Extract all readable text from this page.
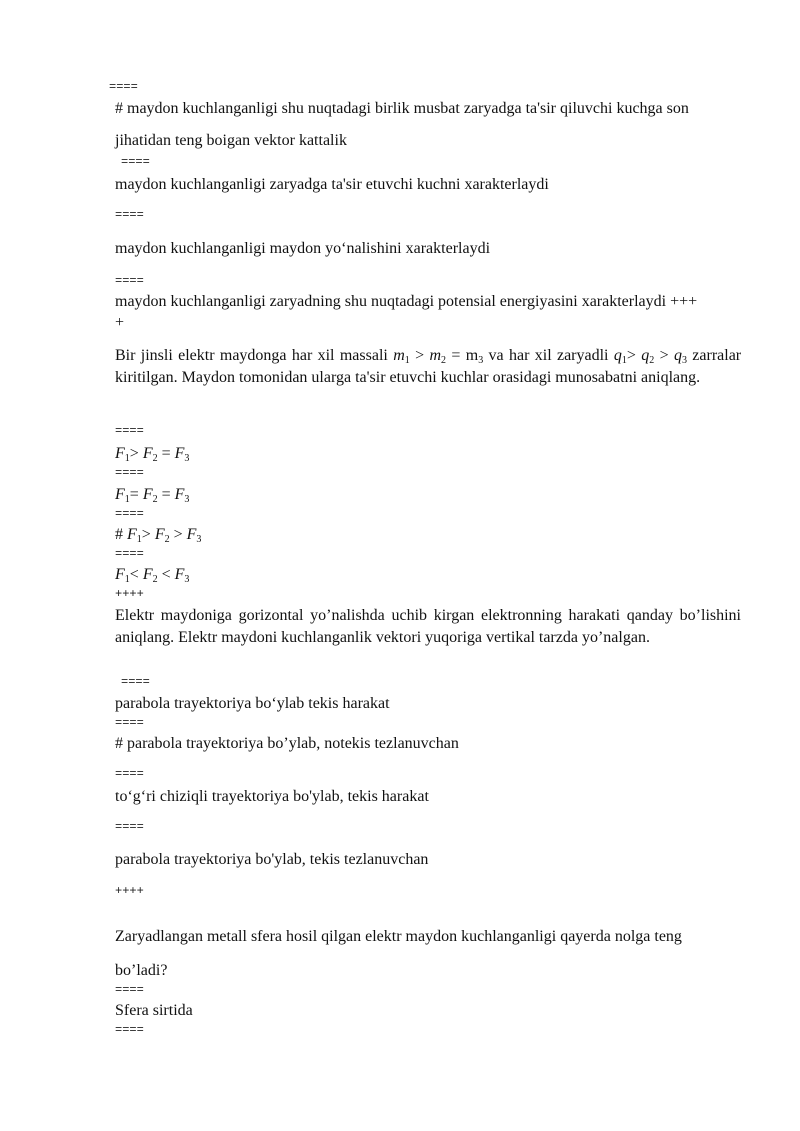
====
# maydon kuchlanganligi shu nuqtadagi birlik musbat zaryadga ta'sir qiluvchi kuchga son
jihatidan teng boigan vektor kattalik
====
maydon kuchlanganligi zaryadga ta'sir etuvchi kuchni xarakterlaydi
====
maydon kuchlanganligi maydon yo‘nalishini xarakterlaydi
====
maydon kuchlanganligi zaryadning shu nuqtadagi potensial energiyasini xarakterlaydi +++
+
Bir jinsli elektr maydonga har xil massali $m_1 > m_2 = m_3$ va har xil zaryadli $q_1> q_2 > q_3$ zarralar kiritilgan. Maydon tomonidan ularga ta'sir etuvchi kuchlar orasidagi munosabatni aniqlang.
====
$F_1> F_2 = F_3$
====
$F_1= F_2 = F_3$
====
# $F_1> F_2 > F_3$
====
$F_1< F_2 < F_3$
++++
Elektr maydoniga gorizontal yo’nalishda uchib kirgan elektronning harakati qanday bo’lishini aniqlang. Elektr maydoni kuchlanganlik vektori yuqoriga vertikal tarzda yo’nalgan.
====
parabola trayektoriya bo‘ylab tekis harakat
====
# parabola trayektoriya bo’ylab, notekis tezlanuvchan
====
to‘g‘ri chiziqli trayektoriya bo'ylab, tekis harakat
====
parabola trayektoriya bo'ylab, tekis tezlanuvchan
++++
Zaryadlangan metall sfera hosil qilgan elektr maydon kuchlanganligi qayerda nolga teng
bo’ladi?
====
Sfera sirtida
====
